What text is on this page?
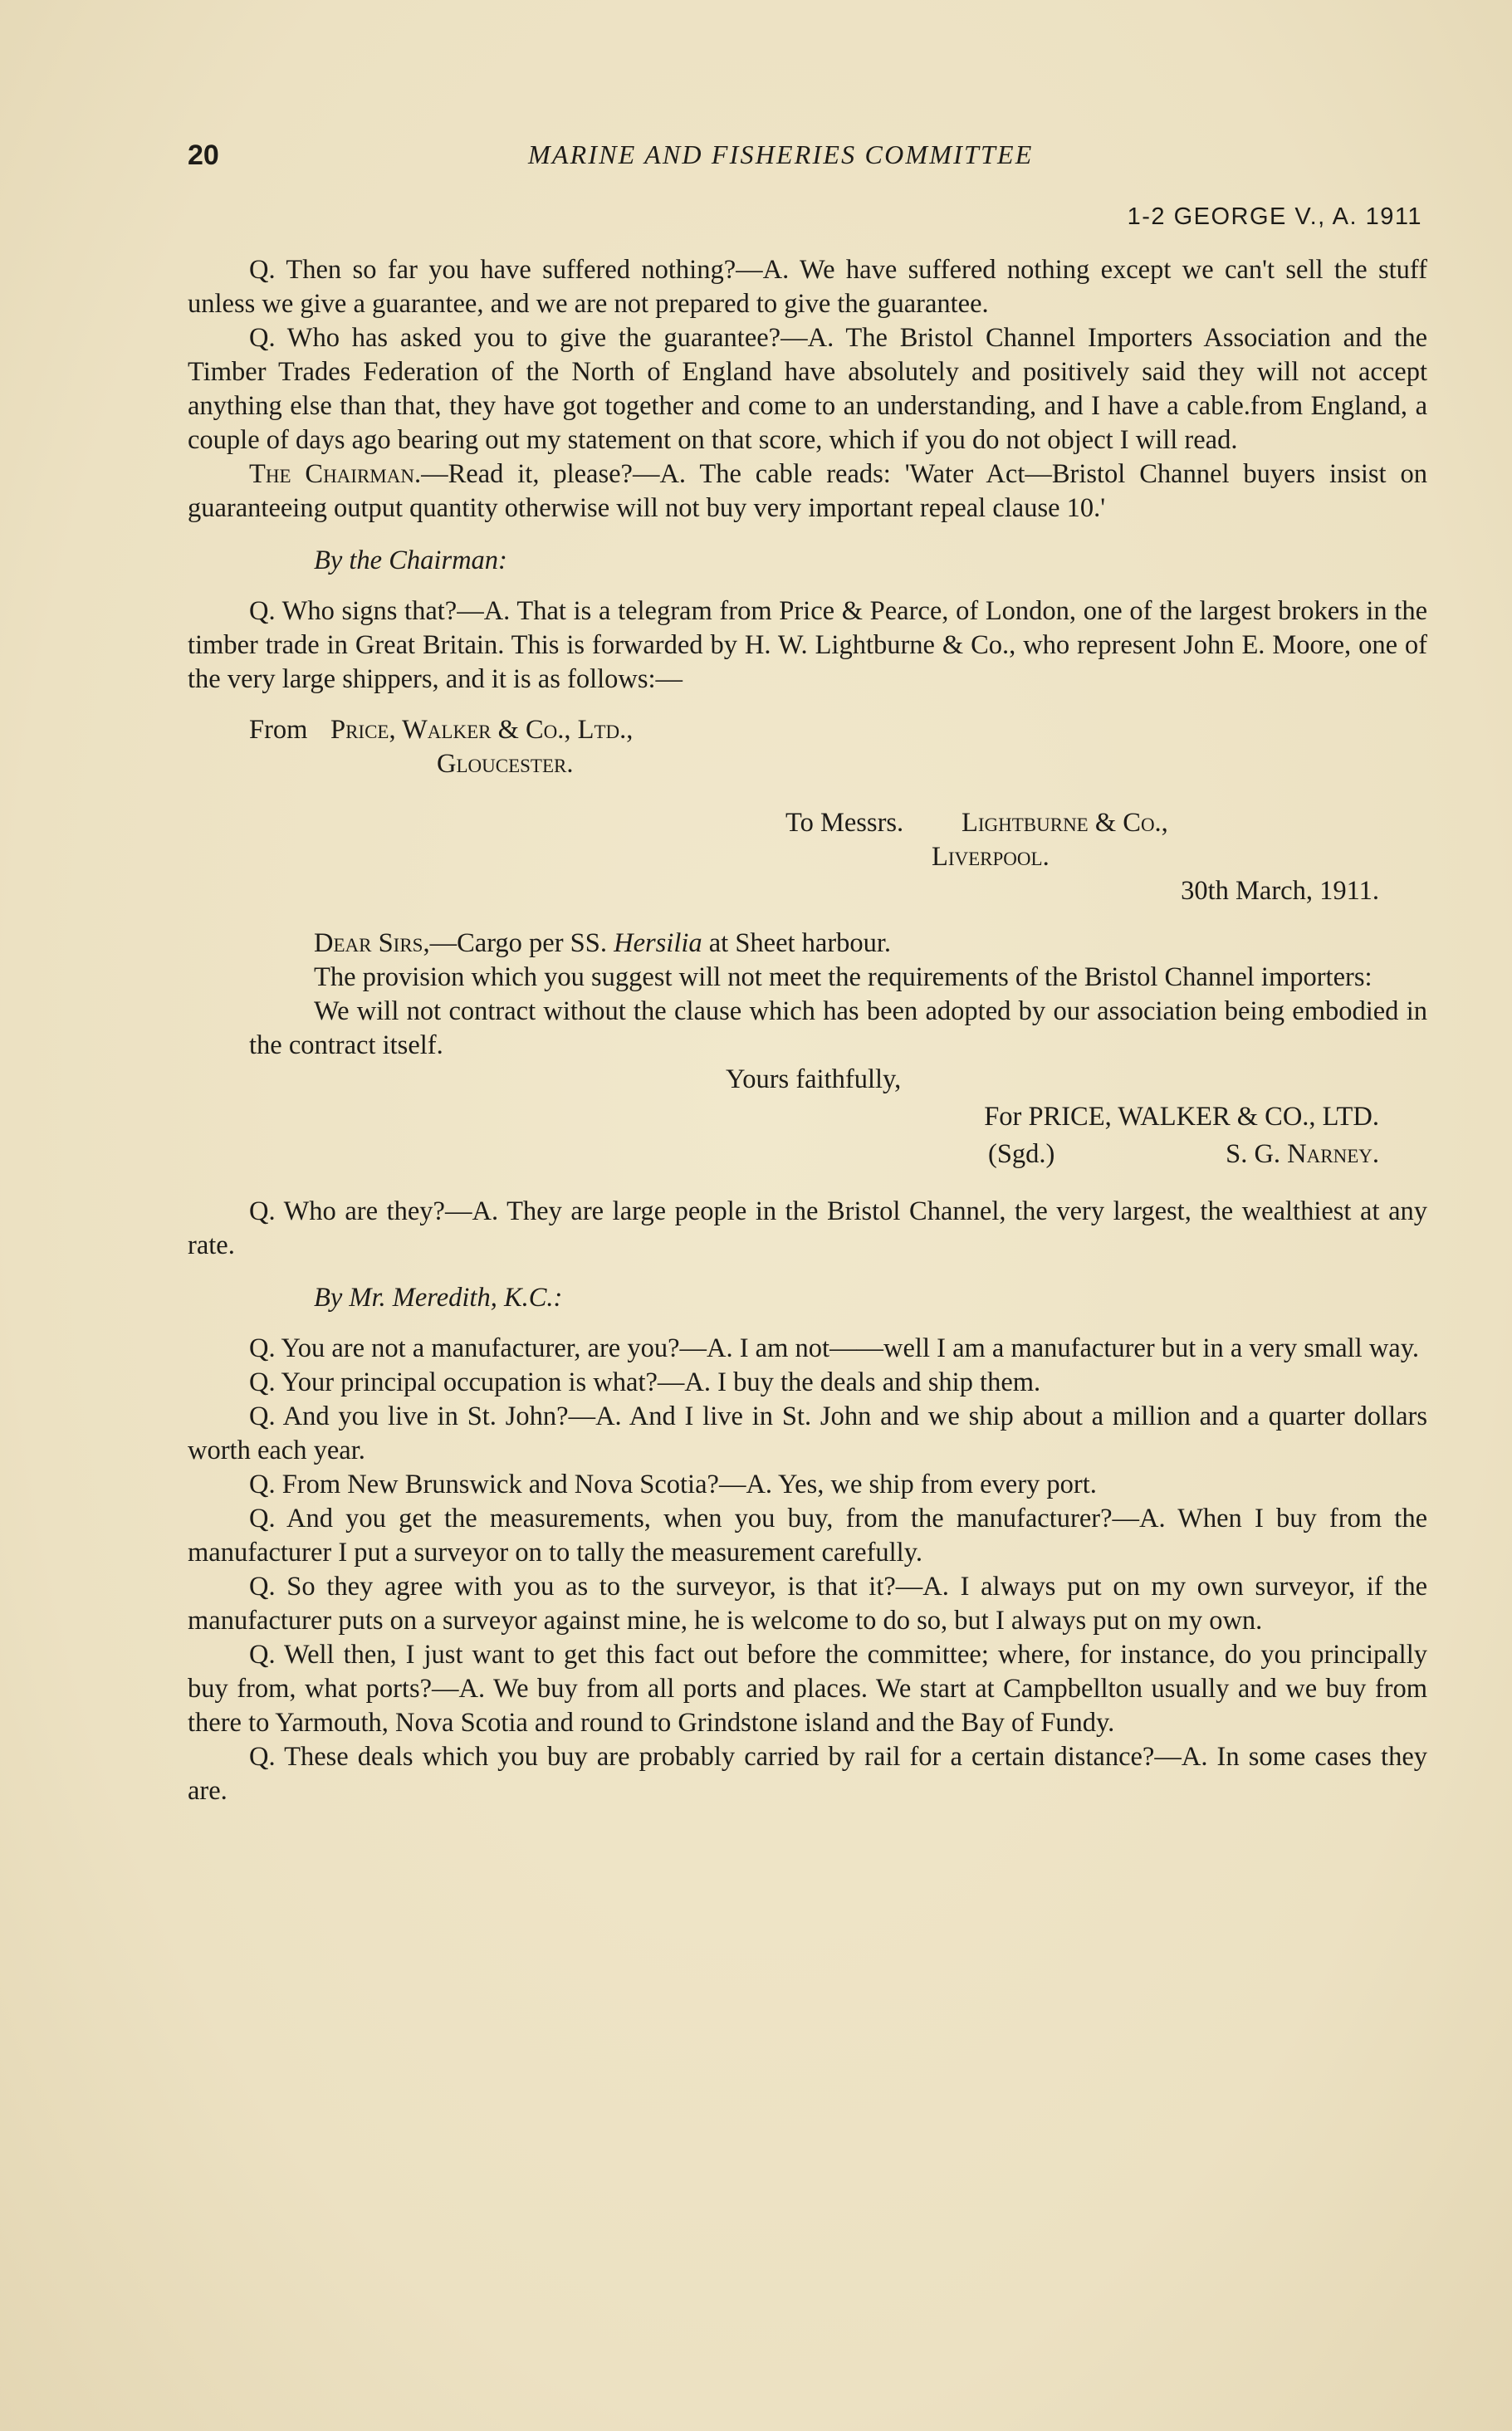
20	MARINE AND FISHERIES COMMITTEE
1-2 GEORGE V., A. 1911

Q. Then so far you have suffered nothing?—A. We have suffered nothing except we can't sell the stuff unless we give a guarantee, and we are not prepared to give the guarantee.

Q. Who has asked you to give the guarantee?—A. The Bristol Channel Importers Association and the Timber Trades Federation of the North of England have absolutely and positively said they will not accept anything else than that, they have got together and come to an understanding, and I have a cable.from England, a couple of days ago bearing out my statement on that score, which if you do not object I will read.

The Chairman.—Read it, please?—A. The cable reads: 'Water Act—Bristol Channel buyers insist on guaranteeing output quantity otherwise will not buy very important repeal clause 10.'

By the Chairman:

Q. Who signs that?—A. That is a telegram from Price & Pearce, of London, one of the largest brokers in the timber trade in Great Britain. This is forwarded by H. W. Lightburne & Co., who represent John E. Moore, one of the very large shippers, and it is as follows:—

From Price, Walker & Co., Ltd.,
Gloucester.
To Messrs. Lightburne & Co.,
Liverpool.
30th March, 1911.

Dear Sirs,—Cargo per SS. Hersilia at Sheet harbour.

The provision which you suggest will not meet the requirements of the Bristol Channel importers:

We will not contract without the clause which has been adopted by our association being embodied in the contract itself.

Yours faithfully,
For PRICE, WALKER & CO., LTD.
(Sgd.)	S. G. Narney.

Q. Who are they?—A. They are large people in the Bristol Channel, the very largest, the wealthiest at any rate.

By Mr. Meredith, K.C.:

Q. You are not a manufacturer, are you?—A. I am not——well I am a manufacturer but in a very small way.

Q. Your principal occupation is what?—A. I buy the deals and ship them.

Q. And you live in St. John?—A. And I live in St. John and we ship about a million and a quarter dollars worth each year.

Q. From New Brunswick and Nova Scotia?—A. Yes, we ship from every port.

Q. And you get the measurements, when you buy, from the manufacturer?—A. When I buy from the manufacturer I put a surveyor on to tally the measurement carefully.

Q. So they agree with you as to the surveyor, is that it?—A. I always put on my own surveyor, if the manufacturer puts on a surveyor against mine, he is welcome to do so, but I always put on my own.

Q. Well then, I just want to get this fact out before the committee; where, for instance, do you principally buy from, what ports?—A. We buy from all ports and places. We start at Campbellton usually and we buy from there to Yarmouth, Nova Scotia and round to Grindstone island and the Bay of Fundy.

Q. These deals which you buy are probably carried by rail for a certain distance?—A. In some cases they are.
